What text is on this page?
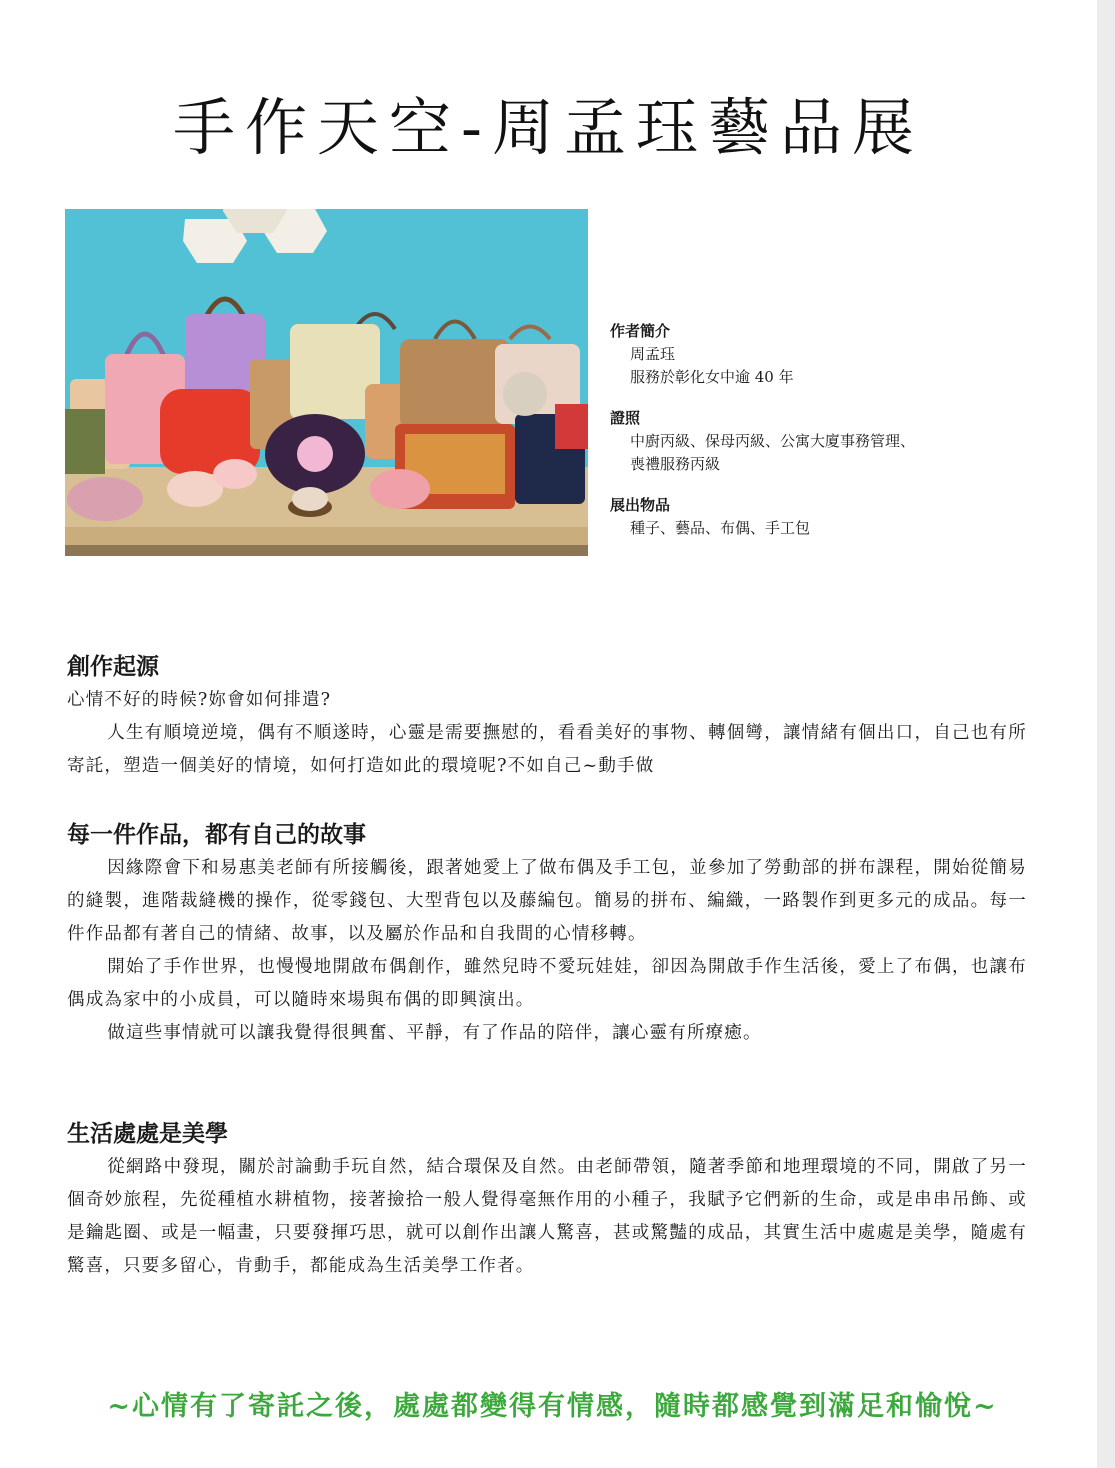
手作天空-周孟珏藝品展
作者簡介
周孟珏
服務於彰化女中逾 40 年
證照
中廚丙級、保母丙級、公寓大廈事務管理、
喪禮服務丙級
展出物品
種子、藝品、布偶、手工包
創作起源

心情不好的時候?妳會如何排遣?

人生有順境逆境，偶有不順遂時，心靈是需要撫慰的，看看美好的事物、轉個彎，讓情緒有個出口，自己也有所寄託，塑造一個美好的情境，如何打造如此的環境呢?不如自己~動手做

每一件作品，都有自己的故事

因緣際會下和易惠美老師有所接觸後，跟著她愛上了做布偶及手工包，並參加了勞動部的拼布課程，開始從簡易的縫製，進階裁縫機的操作，從零錢包、大型背包以及藤編包。簡易的拼布、編織，一路製作到更多元的成品。每一件作品都有著自己的情緒、故事，以及屬於作品和自我間的心情移轉。

開始了手作世界，也慢慢地開啟布偶創作，雖然兒時不愛玩娃娃，卻因為開啟手作生活後，愛上了布偶，也讓布偶成為家中的小成員，可以隨時來場與布偶的即興演出。

做這些事情就可以讓我覺得很興奮、平靜，有了作品的陪伴，讓心靈有所療癒。

生活處處是美學

從網路中發現，關於討論動手玩自然，結合環保及自然。由老師帶領，隨著季節和地理環境的不同，開啟了另一個奇妙旅程，先從種植水耕植物，接著撿拾一般人覺得毫無作用的小種子，我賦予它們新的生命，或是串串吊飾、或是鑰匙圈、或是一幅畫，只要發揮巧思，就可以創作出讓人驚喜，甚或驚豔的成品，其實生活中處處是美學，隨處有驚喜，只要多留心，肯動手，都能成為生活美學工作者。

~心情有了寄託之後，處處都變得有情感，隨時都感覺到滿足和愉悅~
